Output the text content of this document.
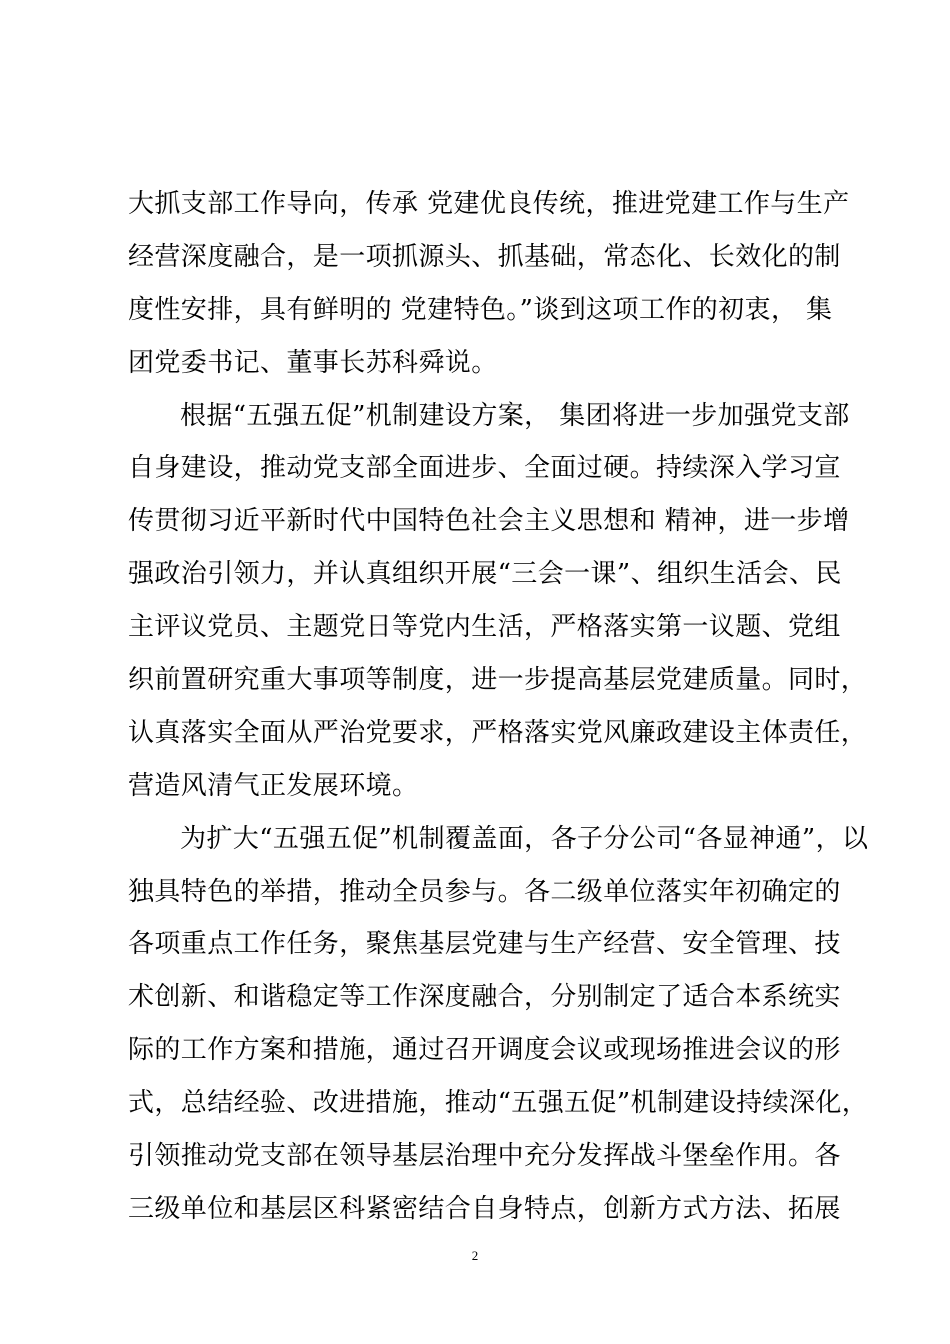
大抓支部工作导向，传承 党建优良传统，推进党建工作与生产
经营深度融合，是一项抓源头、抓基础，常态化、长效化的制
度性安排，具有鲜明的 党建特色。”谈到这项工作的初衷， 集
团党委书记、董事长苏科舜说。
根据“五强五促”机制建设方案， 集团将进一步加强党支部
自身建设，推动党支部全面进步、全面过硬。持续深入学习宣
传贯彻习近平新时代中国特色社会主义思想和 精神，进一步增
强政治引领力，并认真组织开展“三会一课”、组织生活会、民
主评议党员、主题党日等党内生活，严格落实第一议题、党组
织前置研究重大事项等制度，进一步提高基层党建质量。同时，
认真落实全面从严治党要求，严格落实党风廉政建设主体责任，
营造风清气正发展环境。
为扩大“五强五促”机制覆盖面，各子分公司“各显神通”，以
独具特色的举措，推动全员参与。各二级单位落实年初确定的
各项重点工作任务，聚焦基层党建与生产经营、安全管理、技
术创新、和谐稳定等工作深度融合，分别制定了适合本系统实
际的工作方案和措施，通过召开调度会议或现场推进会议的形
式，总结经验、改进措施，推动“五强五促”机制建设持续深化，
引领推动党支部在领导基层治理中充分发挥战斗堡垒作用。各
三级单位和基层区科紧密结合自身特点，创新方式方法、拓展
2
